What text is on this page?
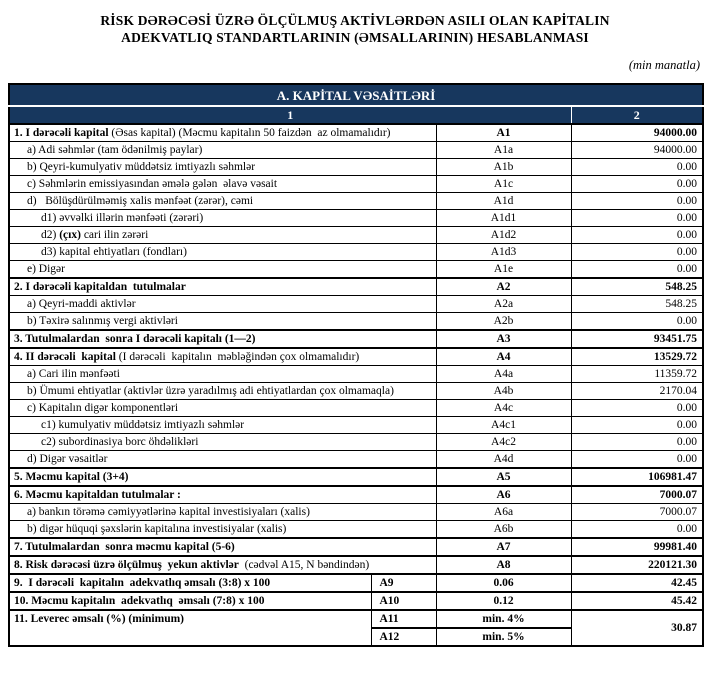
RİSK DƏRƏCƏSİ ÜZRƏ ÖLÇÜLMUŞ AKTİVLƏRDƏN ASILI OLAN KAPİTALIN
ADEKVATLIQ STANDARTLARININ (ƏMSALLARININ) HESABLANMASI
(min manatla)
A. KAPİTAL VƏSAİTLƏRİ			
1			2
1. I dərəcəli kapital (Əsas kapital) (Məcmu kapitalın 50 faizdən  az olmamalıdır)		A1	94000.00
a) Adi səhmlər (tam ödənilmiş paylar)		A1a	94000.00
b) Qeyri-kumulyativ müddətsiz imtiyazlı səhmlər		A1b	0.00
c) Səhmlərin emissiyasından əmələ gələn  əlavə vəsait		A1c	0.00
d)   Bölüşdürülməmiş xalis mənfəət (zərər), cəmi		A1d	0.00
d1) əvvəlki illərin mənfəəti (zərəri)		A1d1	0.00
d2) (çıx) cari ilin zərəri		A1d2	0.00
d3) kapital ehtiyatları (fondları)		A1d3	0.00
e) Digər		A1e	0.00
2. I dərəcəli kapitaldan  tutulmalar		A2	548.25
a) Qeyri-maddi aktivlər		A2a	548.25
b) Təxirə salınmış vergi aktivləri		A2b	0.00
3. Tutulmalardan  sonra I dərəcəli kapitalı (1—2)		A3	93451.75
4. II dərəcəli  kapital (I dərəcəli  kapitalın  məbləğindən çox olmamalıdır)		A4	13529.72
a) Cari ilin mənfəəti		A4a	11359.72
b) Ümumi ehtiyatlar (aktivlər üzrə yaradılmış adi ehtiyatlardan çox olmamaqla)		A4b	2170.04
c) Kapitalın digər komponentləri		A4c	0.00
c1) kumulyativ müddətsiz imtiyazlı səhmlər		A4c1	0.00
c2) subordinasiya borc öhdəlikləri		A4c2	0.00
d) Digər vəsaitlər		A4d	0.00
5. Məcmu kapital (3+4)		A5	106981.47
6. Məcmu kapitaldan tutulmalar :		A6	7000.07
a) bankın törəmə cəmiyyətlərinə kapital investisiyaları (xalis)		A6a	7000.07
b) digər hüquqi şəxslərin kapitalına investisiyalar (xalis)		A6b	0.00
7. Tutulmalardan  sonra məcmu kapital (5-6)		A7	99981.40
8. Risk dərəcəsi üzrə ölçülmuş  yekun aktivlər  (cədvəl A15, N bəndindən)		A8	220121.30
9.  I dərəcəli  kapitalın  adekvatlıq əmsalı (3:8) x 100	A9	0.06	42.45
10. Məcmu kapitalın  adekvatlıq  əmsalı (7:8) x 100	A10	0.12	45.42
11. Leverec əmsalı (%) (minimum)	A11	min. 4%	30.87
	A12	min. 5%	
